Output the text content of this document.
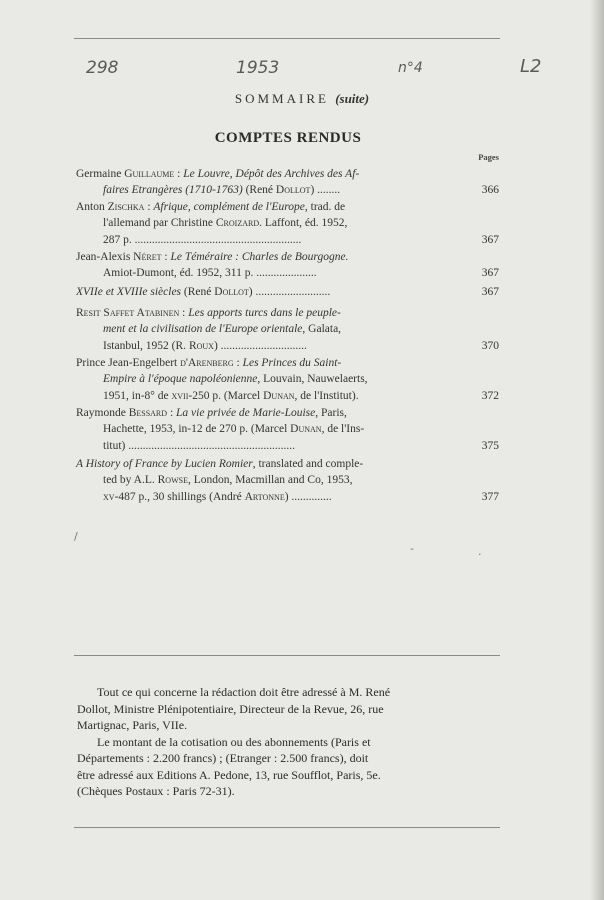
298	1953	n°4	L2
SOMMAIRE (suite)
COMPTES RENDUS
Pages
Germaine Guillaume : Le Louvre, Dépôt des Archives des Af-
faires Etrangères (1710-1763) (René Dollot) ........	366
Anton Zischka : Afrique, complément de l'Europe, trad. de
l'allemand par Christine Croizard. Laffont, éd. 1952,
287 p. ..........................................................	367
Jean-Alexis Néret : Le Téméraire : Charles de Bourgogne.
Amiot-Dumont, éd. 1952, 311 p. .....................	367
XVIIe et XVIIIe siècles (René Dollot) ..........................	367
Resit Saffet Atabinen : Les apports turcs dans le peuple-
ment et la civilisation de l'Europe orientale, Galata,
Istanbul, 1952 (R. Roux) ..............................	370
Prince Jean-Engelbert d'Arenberg : Les Princes du Saint-
Empire à l'époque napoléonienne, Louvain, Nauwelaerts,
1951, in-8° de xvii-250 p. (Marcel Dunan, de l'Institut).	372
Raymonde Bessard : La vie privée de Marie-Louise, Paris,
Hachette, 1953, in-12 de 270 p. (Marcel Dunan, de l'Ins-
titut) ..........................................................	375
A History of France by Lucien Romier, translated and comple-
ted by A.L. Rowse, London, Macmillan and Co, 1953,
xv-487 p., 30 shillings (André Artonne) ..............	377
/
-	·
Tout ce qui concerne la rédaction doit être adressé à M. René
Dollot, Ministre Plénipotentiaire, Directeur de la Revue, 26, rue
Martignac, Paris, VIIe.
Le montant de la cotisation ou des abonnements (Paris et
Départements : 2.200 francs) ; (Etranger : 2.500 francs), doit
être adressé aux Editions A. Pedone, 13, rue Soufflot, Paris, 5e.
(Chèques Postaux : Paris 72-31).
